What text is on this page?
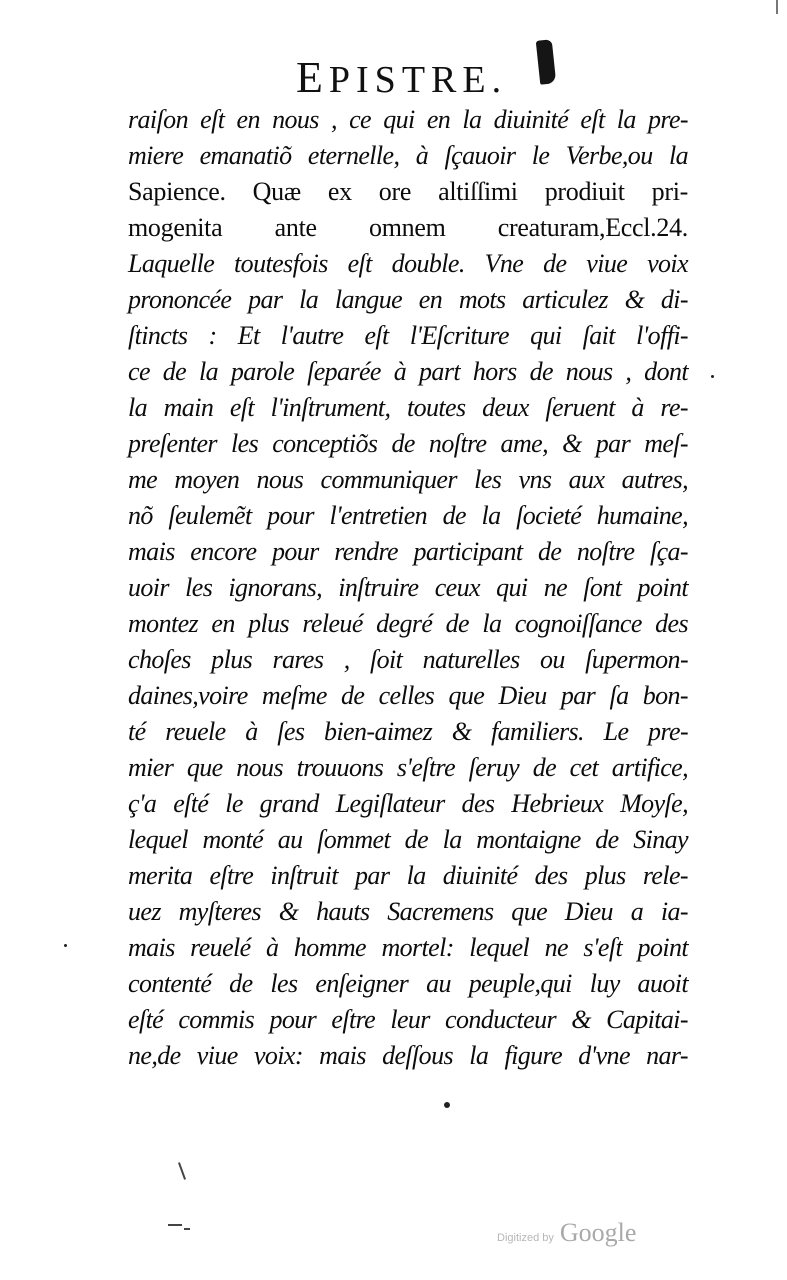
EPISTRE.
raiſon eſt en nous , ce qui en la diuinité eſt la pre-
miere emanatiõ eternelle, à ſçauoir le Verbe,ou la
Sapience. Quæ ex ore altiſſimi prodiuit pri-
mogenita ante omnem creaturam,Eccl.24.
Laquelle toutesfois eſt double. Vne de viue voix
prononcée par la langue en mots articulez & di-
ſtincts : Et l'autre eſt l'Eſcriture qui ſait l'offi-
ce de la parole ſeparée à part hors de nous , dont
la main eſt l'inſtrument, toutes deux ſeruent à re-
preſenter les conceptiõs de noſtre ame, & par meſ-
me moyen nous communiquer les vns aux autres,
nõ ſeulemẽt pour l'entretien de la ſocieté humaine,
mais encore pour rendre participant de noſtre ſça-
uoir les ignorans, inſtruire ceux qui ne ſont point
montez en plus releué degré de la cognoiſſance des
choſes plus rares , ſoit naturelles ou ſupermon-
daines,voire meſme de celles que Dieu par ſa bon-
té reuele à ſes bien-aimez & familiers. Le pre-
mier que nous trouuons s'eſtre ſeruy de cet artifice,
ç'a eſté le grand Legiſlateur des Hebrieux Moyſe,
lequel monté au ſommet de la montaigne de Sinay
merita eſtre inſtruit par la diuinité des plus rele-
uez myſteres & hauts Sacremens que Dieu a ia-
mais reuelé à homme mortel: lequel ne s'eſt point
contenté de les enſeigner au peuple,qui luy auoit
eſté commis pour eſtre leur conducteur & Capitai-
ne,de viue voix: mais deſſous la figure d'vne nar-
Digitized by Google
